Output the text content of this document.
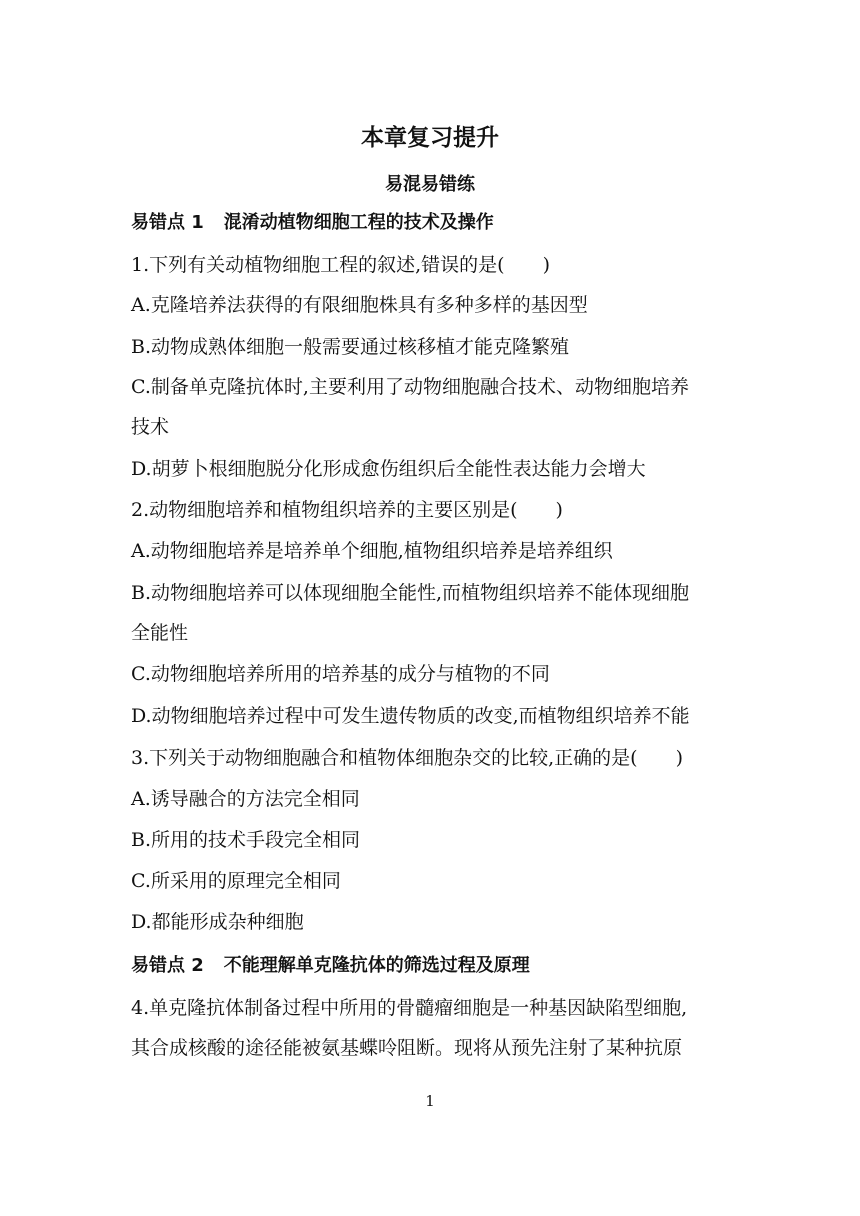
本章复习提升
易混易错练
易错点 1 混淆动植物细胞工程的技术及操作
1.下列有关动植物细胞工程的叙述,错误的是(　　)
A.克隆培养法获得的有限细胞株具有多种多样的基因型
B.动物成熟体细胞一般需要通过核移植才能克隆繁殖
C.制备单克隆抗体时,主要利用了动物细胞融合技术、动物细胞培养
技术
D.胡萝卜根细胞脱分化形成愈伤组织后全能性表达能力会增大
2.动物细胞培养和植物组织培养的主要区别是(　　)
A.动物细胞培养是培养单个细胞,植物组织培养是培养组织
B.动物细胞培养可以体现细胞全能性,而植物组织培养不能体现细胞
全能性
C.动物细胞培养所用的培养基的成分与植物的不同
D.动物细胞培养过程中可发生遗传物质的改变,而植物组织培养不能
3.下列关于动物细胞融合和植物体细胞杂交的比较,正确的是(　　)
A.诱导融合的方法完全相同
B.所用的技术手段完全相同
C.所采用的原理完全相同
D.都能形成杂种细胞
易错点 2 不能理解单克隆抗体的筛选过程及原理
4.单克隆抗体制备过程中所用的骨髓瘤细胞是一种基因缺陷型细胞,
其合成核酸的途径能被氨基蝶呤阻断。现将从预先注射了某种抗原
1
